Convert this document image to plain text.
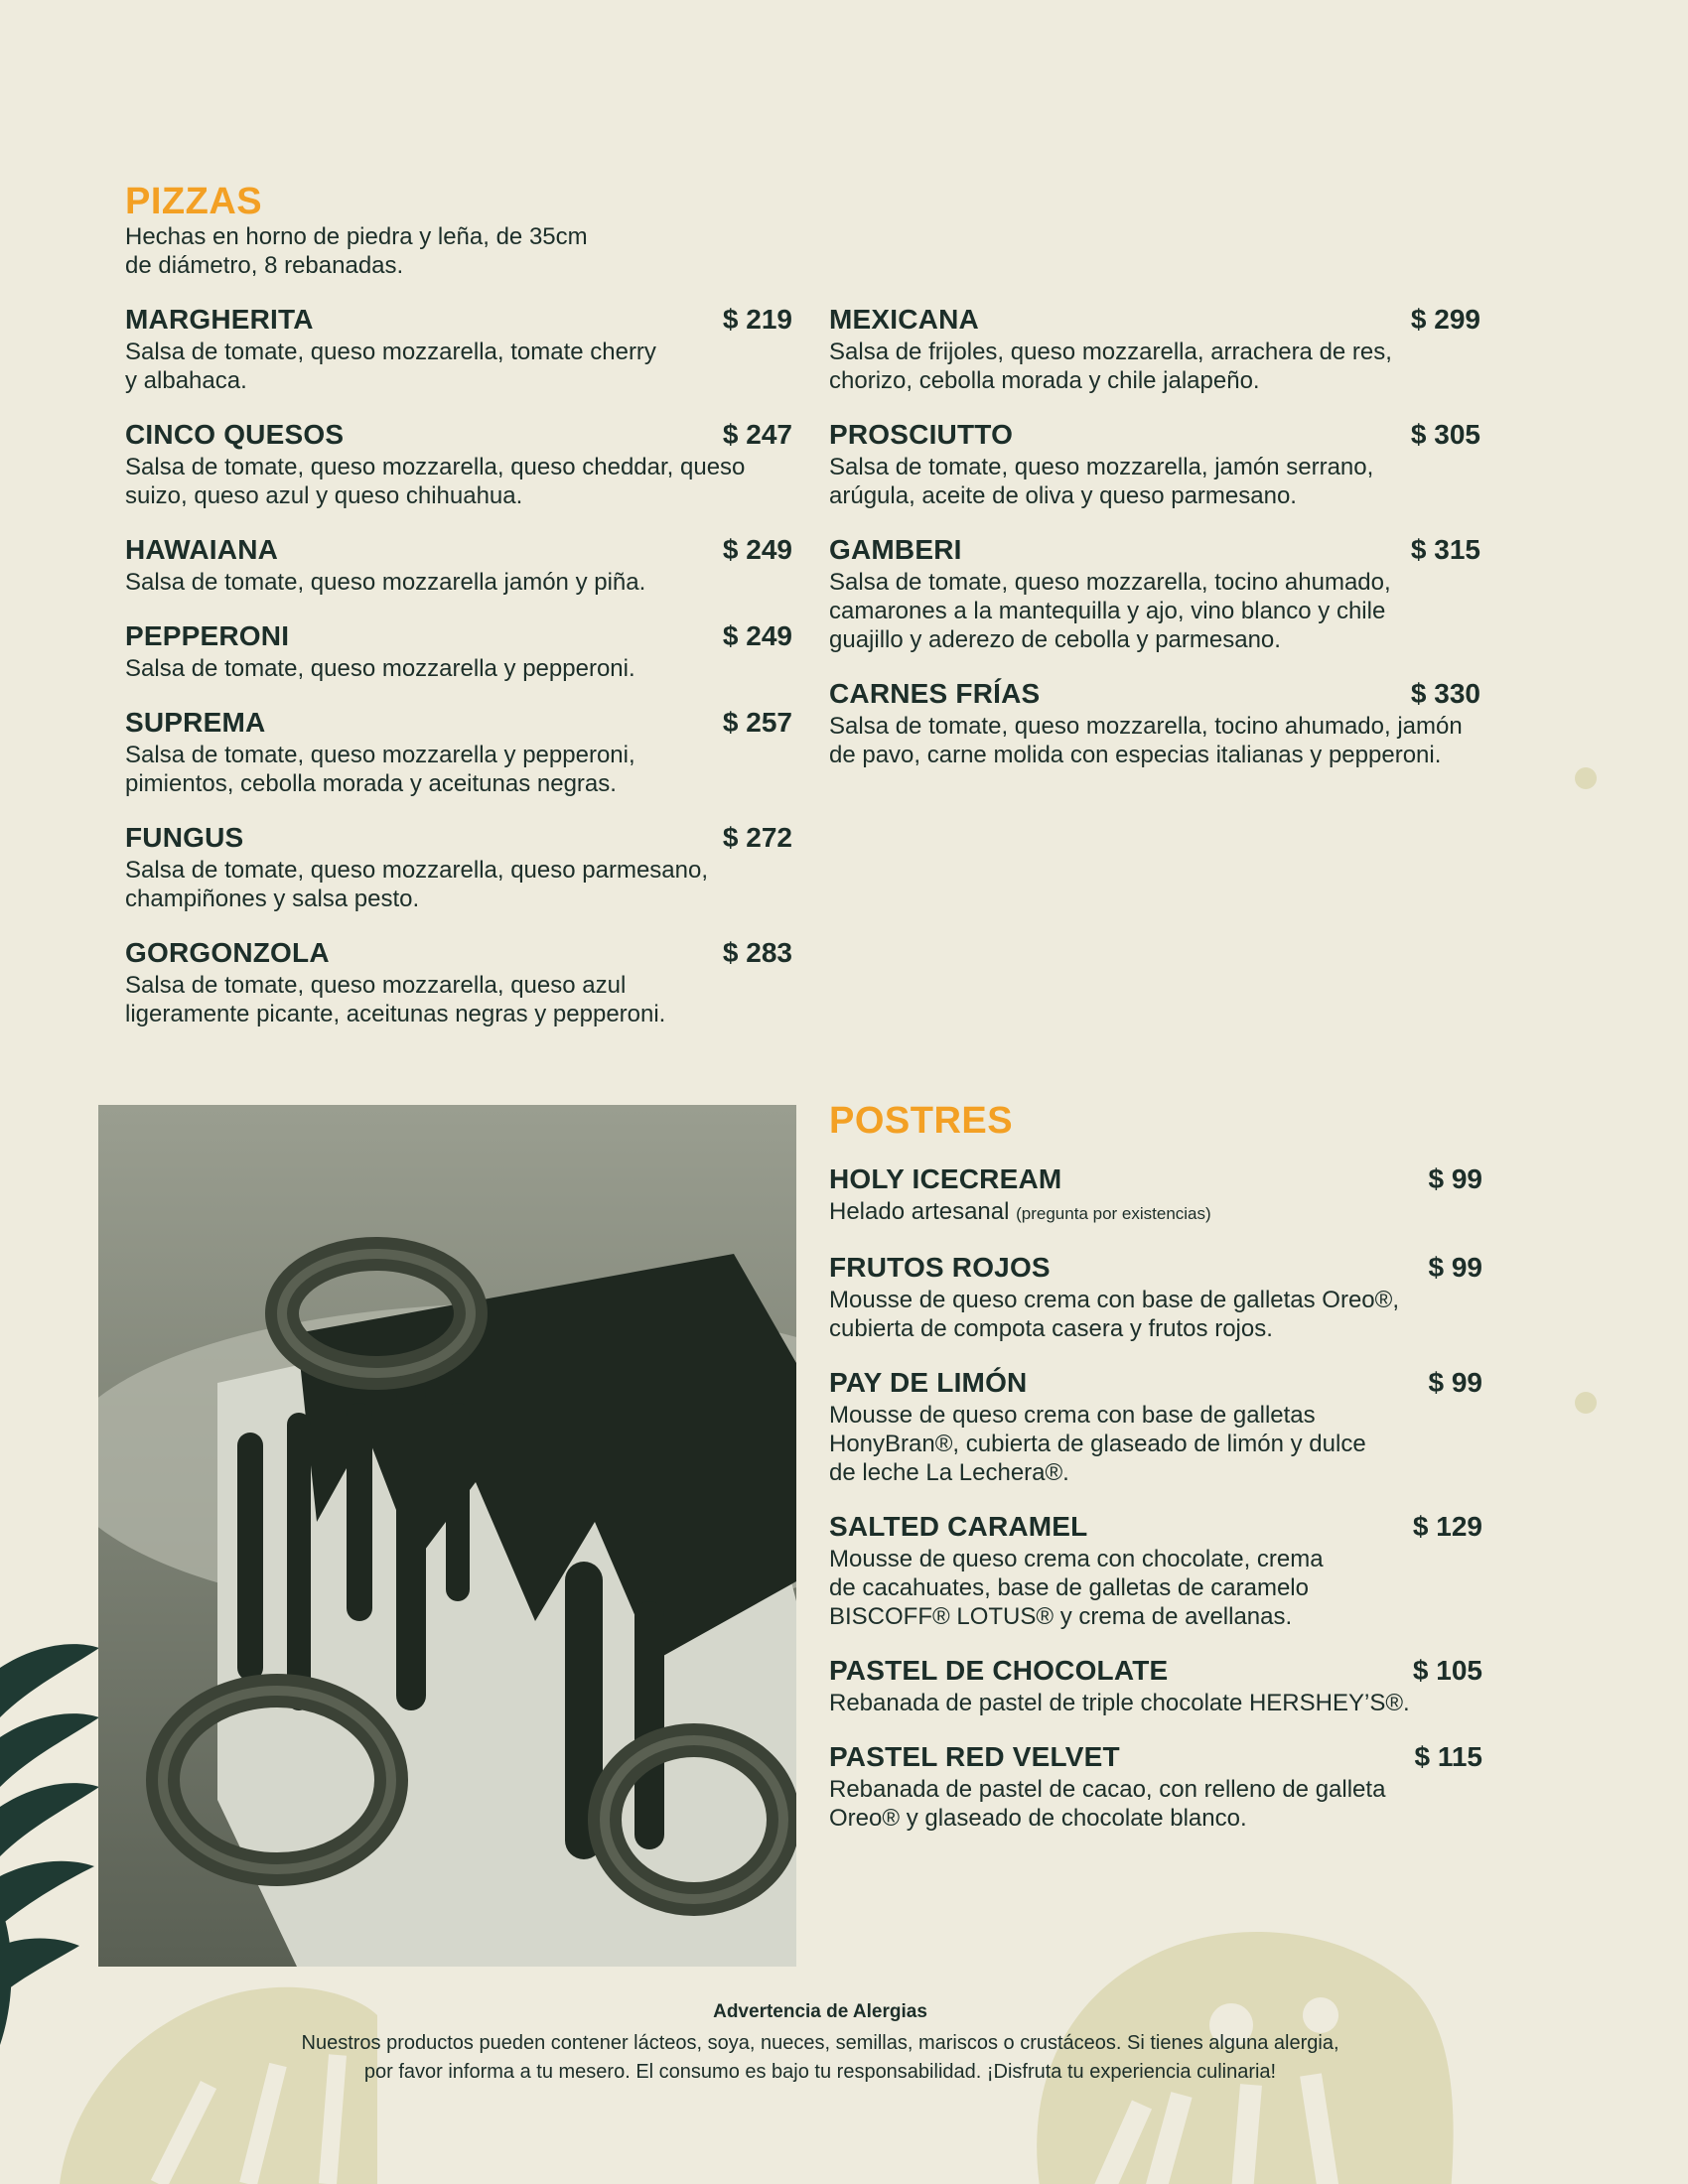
PIZZAS
Hechas en horno de piedra y leña, de 35cm
de diámetro, 8 rebanadas.
MARGHERITA	$ 219
Salsa de tomate, queso mozzarella, tomate cherry
y albahaca.
CINCO QUESOS	$ 247
Salsa de tomate, queso mozzarella, queso cheddar, queso
suizo, queso azul y queso chihuahua.
HAWAIANA	$ 249
Salsa de tomate, queso mozzarella jamón y piña.
PEPPERONI	$ 249
Salsa de tomate, queso mozzarella y pepperoni.
SUPREMA	$ 257
Salsa de tomate, queso mozzarella y pepperoni,
pimientos, cebolla morada y aceitunas negras.
FUNGUS	$ 272
Salsa de tomate, queso mozzarella, queso parmesano,
champiñones y salsa pesto.
GORGONZOLA	$ 283
Salsa de tomate, queso mozzarella, queso azul
ligeramente picante, aceitunas negras y pepperoni.
MEXICANA	$ 299
Salsa de frijoles, queso mozzarella, arrachera de res,
chorizo, cebolla morada y chile jalapeño.
PROSCIUTTO	$ 305
Salsa de tomate, queso mozzarella, jamón serrano,
arúgula, aceite de oliva y queso parmesano.
GAMBERI	$ 315
Salsa de tomate, queso mozzarella, tocino ahumado,
camarones a la mantequilla y ajo, vino blanco y chile
guajillo y aderezo de cebolla y parmesano.
CARNES FRÍAS	$ 330
Salsa de tomate, queso mozzarella, tocino ahumado, jamón
de pavo, carne molida con especias italianas y pepperoni.
POSTRES
HOLY ICECREAM	$ 99
Helado artesanal (pregunta por existencias)
FRUTOS ROJOS	$ 99
Mousse de queso crema con base de galletas Oreo®,
cubierta de compota casera y frutos rojos.
PAY DE LIMÓN	$ 99
Mousse de queso crema con base de galletas
HonyBran®, cubierta de glaseado de limón y dulce
de leche La Lechera®.
SALTED CARAMEL	$ 129
Mousse de queso crema con chocolate, crema
de cacahuates, base de galletas de caramelo
BISCOFF® LOTUS® y crema de avellanas.
PASTEL DE CHOCOLATE	$ 105
Rebanada de pastel de triple chocolate HERSHEY’S®.
PASTEL RED VELVET	$ 115
Rebanada de pastel de cacao, con relleno de galleta
Oreo® y glaseado de chocolate blanco.
Advertencia de Alergias
Nuestros productos pueden contener lácteos, soya, nueces, semillas, mariscos o crustáceos. Si tienes alguna alergia,
por favor informa a tu mesero. El consumo es bajo tu responsabilidad. ¡Disfruta tu experiencia culinaria!
